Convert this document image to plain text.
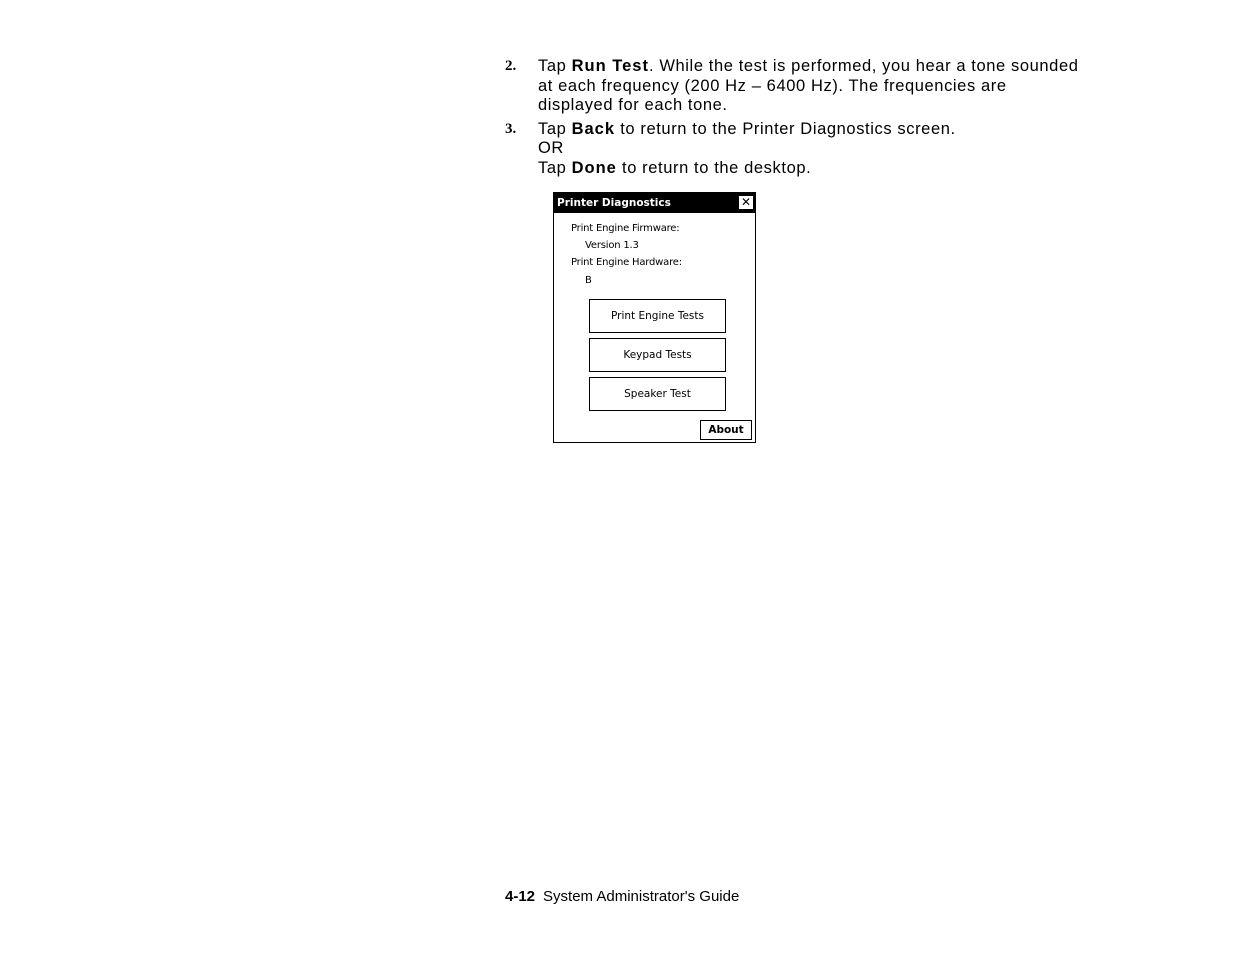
2.	Tap Run Test. While the test is performed, you hear a tone sounded
at each frequency (200 Hz – 6400 Hz). The frequencies are
displayed for each tone.
3.	Tap Back to return to the Printer Diagnostics screen.
OR
Tap Done to return to the desktop.
Printer Diagnostics	✕
Print Engine Firmware:
Version 1.3
Print Engine Hardware:
B
Print Engine Tests
Keypad Tests
Speaker Test
About
4-12 System Administrator's Guide
